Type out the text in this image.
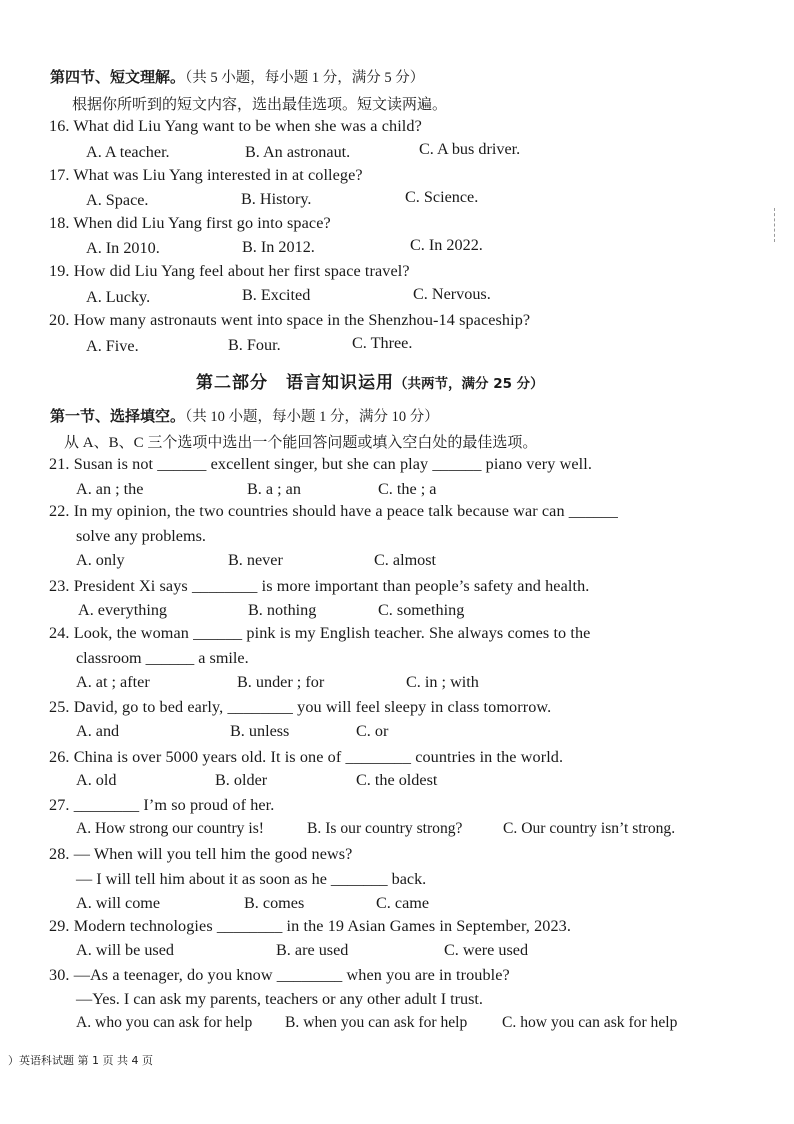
第四节、短文理解。（共 5 小题，每小题 1 分，满分 5 分）
根据你所听到的短文内容，选出最佳选项。短文读两遍。
16. What did Liu Yang want to be when she was a child?
A. A teacher.	B. An astronaut.	C. A bus driver.
17. What was Liu Yang interested in at college?
A. Space.	B. History.	C. Science.
18. When did Liu Yang first go into space?
A. In 2010.	B. In 2012.	C. In 2022.
19. How did Liu Yang feel about her first space travel?
A. Lucky.	B. Excited	C. Nervous.
20. How many astronauts went into space in the Shenzhou-14 spaceship?
A. Five.	B. Four.	C. Three.
第二部分　语言知识运用（共两节，满分 25 分）
第一节、选择填空。（共 10 小题，每小题 1 分，满分 10 分）
从 A、B、C 三个选项中选出一个能回答问题或填入空白处的最佳选项。
21. Susan is not ______ excellent singer, but she can play ______ piano very well.
A. an ; the	B. a ; an	C. the ; a
22. In my opinion, the two countries should have a peace talk because war can ______
solve any problems.
A. only	B. never	C. almost
23. President Xi says ________ is more important than people’s safety and health.
A. everything	B. nothing	C. something
24. Look, the woman ______ pink is my English teacher. She always comes to the
classroom ______ a smile.
A. at ; after	B. under ; for	C. in ; with
25. David, go to bed early, ________ you will feel sleepy in class tomorrow.
A. and	B. unless	C. or
26. China is over 5000 years old. It is one of ________ countries in the world.
A. old	B. older	C. the oldest
27. ________ I’m so proud of her.
A. How strong our country is!	B. Is our country strong?	C. Our country isn’t strong.
28. — When will you tell him the good news?
— I will tell him about it as soon as he _______ back.
A. will come	B. comes	C. came
29. Modern technologies ________ in the 19 Asian Games in September, 2023.
A. will be used	B. are used	C. were used
30. —As a teenager, do you know ________ when you are in trouble?
—Yes. I can ask my parents, teachers or any other adult I trust.
A. who you can ask for help B. when you can ask for help C. how you can ask for help
）英语科试题 第 1 页 共 4 页
